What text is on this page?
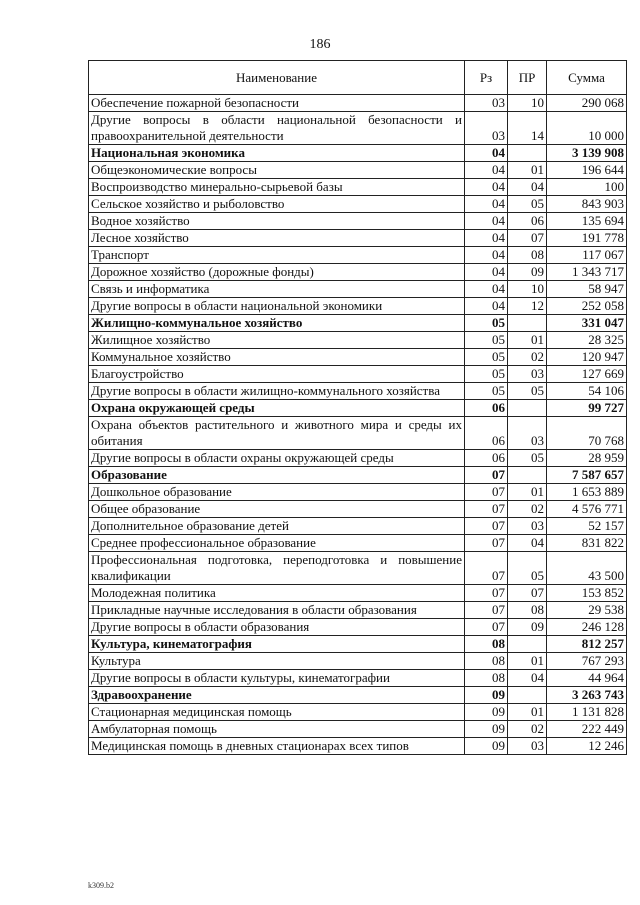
186
Наименование	Рз	ПР	Сумма
Обеспечение пожарной безопасности	03	10	290 068
Другие вопросы в области национальной безопасности и правоохранительной деятельности	03	14	10 000
Национальная экономика	04		3 139 908
Общеэкономические вопросы	04	01	196 644
Воспроизводство минерально-сырьевой базы	04	04	100
Сельское хозяйство и рыболовство	04	05	843 903
Водное хозяйство	04	06	135 694
Лесное хозяйство	04	07	191 778
Транспорт	04	08	117 067
Дорожное хозяйство (дорожные фонды)	04	09	1 343 717
Связь и информатика	04	10	58 947
Другие вопросы в области национальной экономики	04	12	252 058
Жилищно-коммунальное хозяйство	05		331 047
Жилищное хозяйство	05	01	28 325
Коммунальное хозяйство	05	02	120 947
Благоустройство	05	03	127 669
Другие вопросы в области жилищно-коммунального хозяйства	05	05	54 106
Охрана окружающей среды	06		99 727
Охрана объектов растительного и животного мира и среды их обитания	06	03	70 768
Другие вопросы в области охраны окружающей среды	06	05	28 959
Образование	07		7 587 657
Дошкольное образование	07	01	1 653 889
Общее образование	07	02	4 576 771
Дополнительное образование детей	07	03	52 157
Среднее профессиональное образование	07	04	831 822
Профессиональная подготовка, переподготовка и повышение квалификации	07	05	43 500
Молодежная политика	07	07	153 852
Прикладные научные исследования в области образования	07	08	29 538
Другие вопросы в области образования	07	09	246 128
Культура, кинематография	08		812 257
Культура	08	01	767 293
Другие вопросы в области культуры, кинематографии	08	04	44 964
Здравоохранение	09		3 263 743
Стационарная медицинская помощь	09	01	1 131 828
Амбулаторная помощь	09	02	222 449
Медицинская помощь в дневных стационарах всех типов	09	03	12 246
k309.b2
